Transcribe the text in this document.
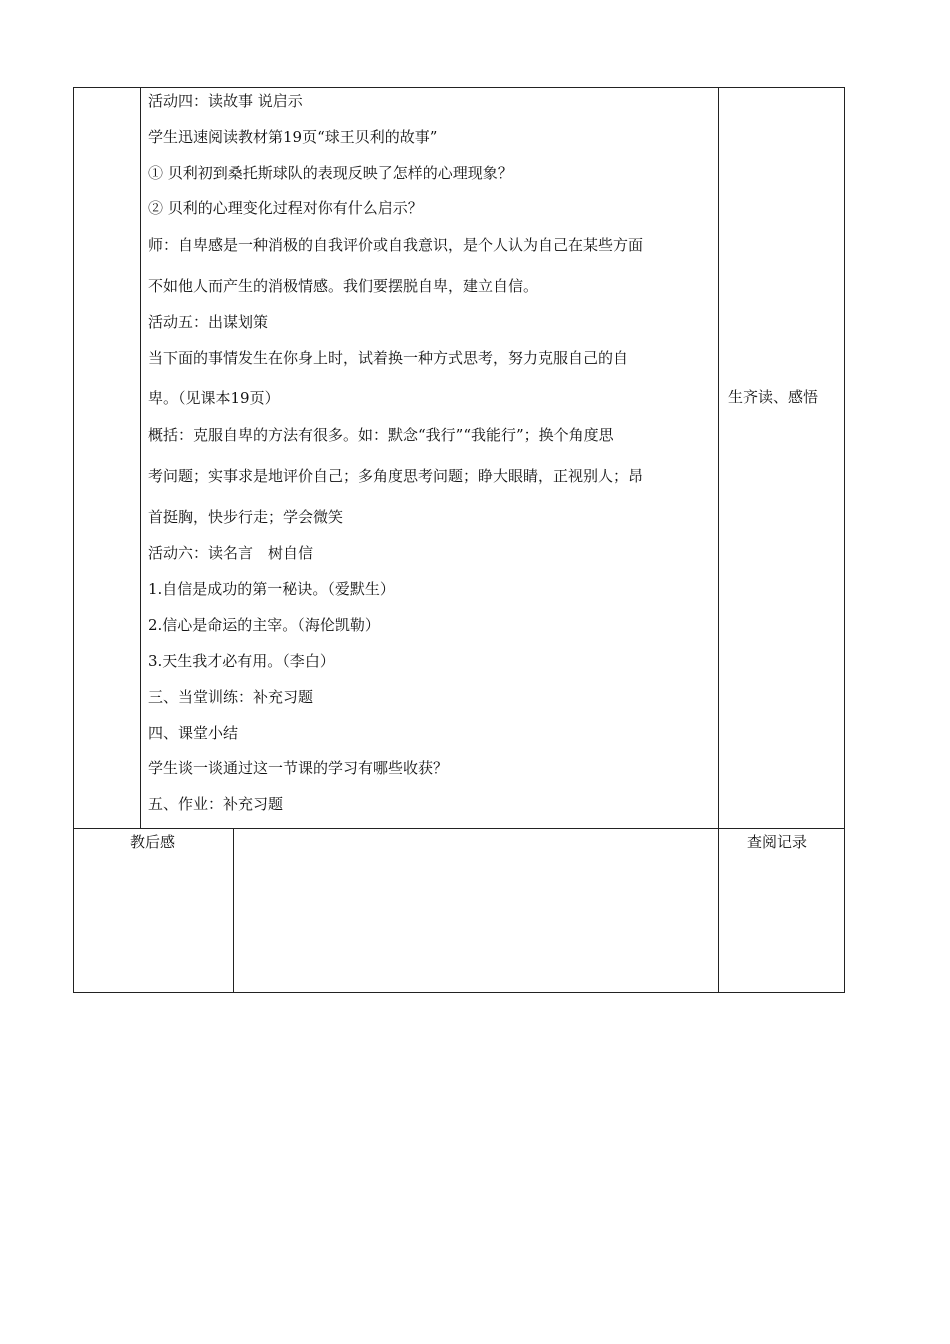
活动四：读故事 说启示
学生迅速阅读教材第19页“球王贝利的故事”
① 贝利初到桑托斯球队的表现反映了怎样的心理现象？
② 贝利的心理变化过程对你有什么启示？
师：自卑感是一种消极的自我评价或自我意识，是个人认为自己在某些方面
不如他人而产生的消极情感。我们要摆脱自卑，建立自信。
活动五：出谋划策
当下面的事情发生在你身上时，试着换一种方式思考，努力克服自己的自
卑。（见课本19页）
概括：克服自卑的方法有很多。如：默念“我行”“我能行”；换个角度思
考问题；实事求是地评价自己；多角度思考问题；睁大眼睛，正视别人；昂
首挺胸，快步行走；学会微笑
活动六：读名言　树自信
1.自信是成功的第一秘诀。（爱默生）
2.信心是命运的主宰。（海伦凯勒）
3.天生我才必有用。（李白）
三、当堂训练：补充习题
四、课堂小结
学生谈一谈通过这一节课的学习有哪些收获？
五、作业：补充习题
生齐读、感悟
教后感	查阅记录
